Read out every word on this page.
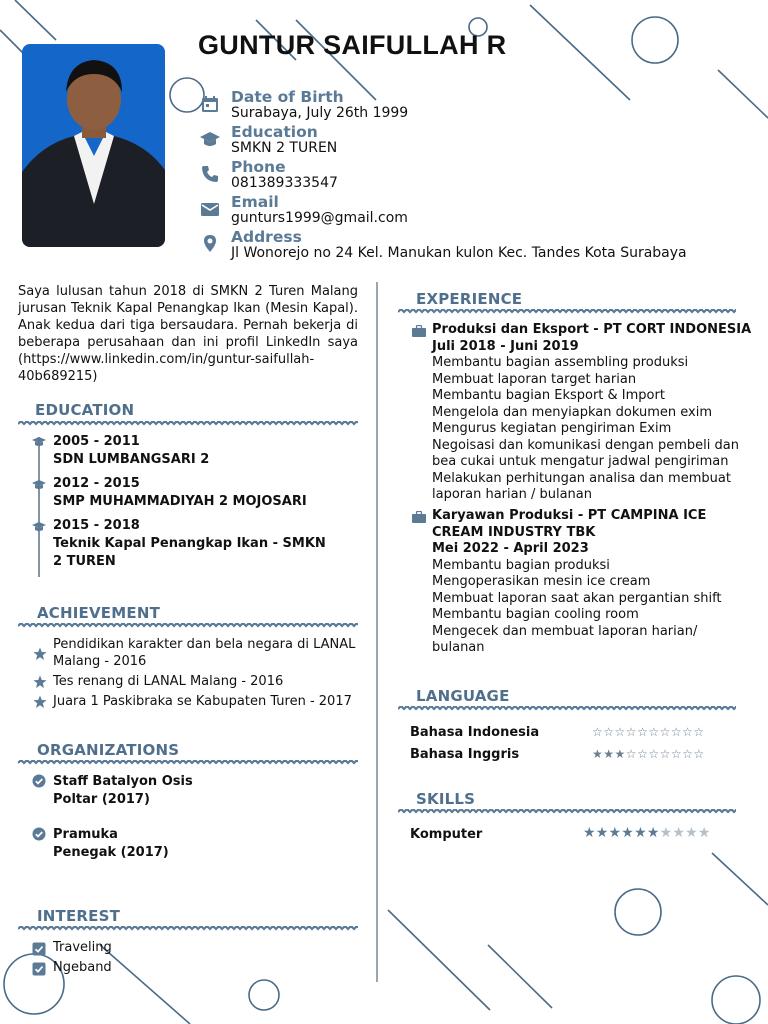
GUNTUR SAIFULLAH R
Date of Birth
Surabaya, July 26th 1999
Education
SMKN 2 TUREN
Phone
081389333547
Email
gunturs1999@gmail.com
Address
Jl Wonorejo no 24 Kel. Manukan kulon Kec. Tandes Kota Surabaya
Saya lulusan tahun 2018 di SMKN 2 Turen Malang jurusan Teknik Kapal Penangkap Ikan (Mesin Kapal). Anak kedua dari tiga bersaudara. Pernah bekerja di beberapa perusahaan dan ini profil LinkedIn saya (https://www.linkedin.com/in/guntur-saifullah-40b689215)
EDUCATION
2005 - 2011
SDN LUMBANGSARI 2
2012 - 2015
SMP MUHAMMADIYAH 2 MOJOSARI
2015 - 2018
Teknik Kapal Penangkap Ikan - SMKN 2 TUREN
ACHIEVEMENT
Pendidikan karakter dan bela negara di LANAL Malang - 2016
Tes renang di LANAL Malang - 2016
Juara 1 Paskibraka se Kabupaten Turen - 2017
ORGANIZATIONS
Staff Batalyon Osis
Poltar (2017)
Pramuka
Penegak (2017)
INTEREST
Traveling
Ngeband
EXPERIENCE
Produksi dan Eksport - PT CORT INDONESIA
Juli 2018 - Juni 2019
Membantu bagian assembling produksi
Membuat laporan target harian
Membantu bagian Eksport & Import
Mengelola dan menyiapkan dokumen exim
Mengurus kegiatan pengiriman Exim
Negoisasi dan komunikasi dengan pembeli dan bea cukai untuk mengatur jadwal pengiriman
Melakukan perhitungan analisa dan membuat laporan harian / bulanan
Karyawan Produksi - PT CAMPINA ICE CREAM INDUSTRY TBK
Mei 2022 - April 2023
Membantu bagian produksi
Mengoperasikan mesin ice cream
Membuat laporan saat akan pergantian shift
Membantu bagian cooling room
Mengecek dan membuat laporan harian/ bulanan
LANGUAGE
Bahasa Indonesia	☆☆☆☆☆☆☆☆☆☆
Bahasa Inggris	★★★☆☆☆☆☆☆☆
SKILLS
Komputer	★★★★★★★★★★
